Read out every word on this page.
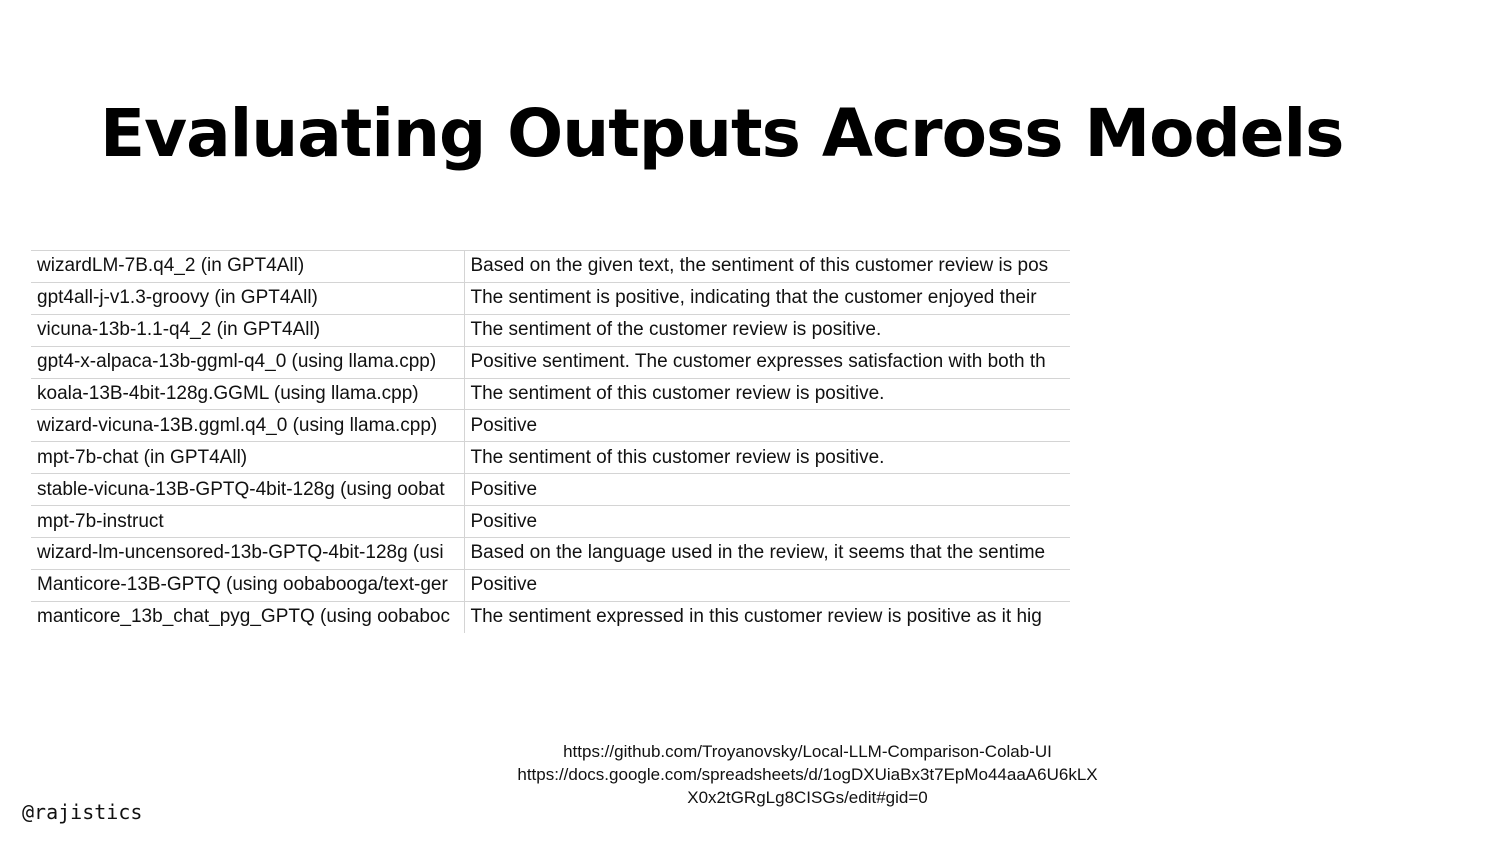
Evaluating Outputs Across Models
wizardLM-7B.q4_2 (in GPT4All)	Based on the given text, the sentiment of this customer review is pos
gpt4all-j-v1.3-groovy (in GPT4All)	The sentiment is positive, indicating that the customer enjoyed their
vicuna-13b-1.1-q4_2 (in GPT4All)	The sentiment of the customer review is positive.
gpt4-x-alpaca-13b-ggml-q4_0 (using llama.cpp)	Positive sentiment. The customer expresses satisfaction with both th
koala-13B-4bit-128g.GGML (using llama.cpp)	The sentiment of this customer review is positive.
wizard-vicuna-13B.ggml.q4_0 (using llama.cpp)	Positive
mpt-7b-chat (in GPT4All)	The sentiment of this customer review is positive.
stable-vicuna-13B-GPTQ-4bit-128g (using oobat	Positive
mpt-7b-instruct	Positive
wizard-lm-uncensored-13b-GPTQ-4bit-128g (usi	Based on the language used in the review, it seems that the sentime
Manticore-13B-GPTQ (using oobabooga/text-ger	Positive
manticore_13b_chat_pyg_GPTQ (using oobaboc	The sentiment expressed in this customer review is positive as it hig
https://github.com/Troyanovsky/Local-LLM-Comparison-Colab-UI
https://docs.google.com/spreadsheets/d/1ogDXUiaBx3t7EpMo44aaA6U6kLX
X0x2tGRgLg8CISGs/edit#gid=0
@rajistics
